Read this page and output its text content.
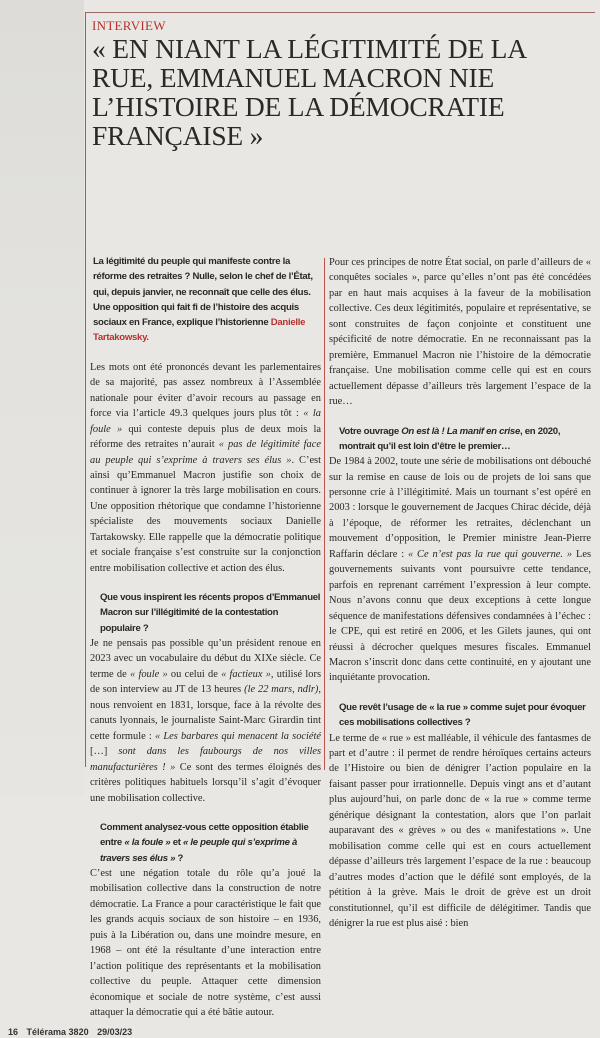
INTERVIEW
« EN NIANT LA LÉGITIMITÉ DE LA RUE, EMMANUEL MACRON NIE L’HISTOIRE DE LA DÉMOCRATIE FRANÇAISE »

La légitimité du peuple qui manifeste contre la réforme des retraites ? Nulle, selon le chef de l’État, qui, depuis janvier, ne reconnaît que celle des élus. Une opposition qui fait fi de l’histoire des acquis sociaux en France, explique l’historienne Danielle Tartakowsky.

Les mots ont été prononcés devant les parlementaires de sa majorité, pas assez nombreux à l’Assemblée nationale pour éviter d’avoir recours au passage en force via l’article 49.3 quelques jours plus tôt : « la foule » qui conteste depuis plus de deux mois la réforme des retraites n’aurait « pas de légitimité face au peuple qui s’exprime à travers ses élus ». C’est ainsi qu’Emmanuel Macron justifie son choix de continuer à ignorer la très large mobilisation en cours. Une opposition rhétorique que condamne l’historienne spécialiste des mouvements sociaux Danielle Tartakowsky. Elle rappelle que la démocratie politique et sociale française s’est construite sur la conjonction entre mobilisation collective et action des élus.

Que vous inspirent les récents propos d’Emmanuel Macron sur l’illégitimité de la contestation populaire ?

Je ne pensais pas possible qu’un président renoue en 2023 avec un vocabulaire du début du XIXe siècle. Ce terme de « foule » ou celui de « factieux », utilisé lors de son interview au JT de 13 heures (le 22 mars, ndlr), nous renvoient en 1831, lorsque, face à la révolte des canuts lyonnais, le journaliste Saint-Marc Girardin tint cette formule : « Les barbares qui menacent la société […] sont dans les faubourgs de nos villes manufacturières ! » Ce sont des termes éloignés des critères politiques habituels lorsqu’il s’agit d’évoquer une mobilisation collective.

Comment analysez-vous cette opposition établie entre « la foule » et « le peuple qui s’exprime à travers ses élus » ?

C’est une négation totale du rôle qu’a joué la mobilisation collective dans la construction de notre démocratie. La France a pour caractéristique le fait que les grands acquis sociaux de son histoire – en 1936, puis à la Libération ou, dans une moindre mesure, en 1968 – ont été la résultante d’une interaction entre l’action politique des représentants et la mobilisation collective du peuple. Attaquer cette dimension économique et sociale de notre système, c’est aussi attaquer la démocratie qui a été bâtie autour.

16 Télérama 3820 29/03/23

Pour ces principes de notre État social, on parle d’ailleurs de « conquêtes sociales », parce qu’elles n’ont pas été concédées par en haut mais acquises à la faveur de la mobilisation collective. Ces deux légitimités, populaire et représentative, se sont construites de façon conjointe et constituent une spécificité de notre démocratie. En ne reconnaissant pas la première, Emmanuel Macron nie l’histoire de la démocratie française. Une mobilisation comme celle qui est en cours actuellement dépasse d’ailleurs très largement l’espace de la rue…

Votre ouvrage On est là ! La manif en crise, en 2020, montrait qu’il est loin d’être le premier…

De 1984 à 2002, toute une série de mobilisations ont débouché sur la remise en cause de lois ou de projets de loi sans que personne crie à l’illégitimité. Mais un tournant s’est opéré en 2003 : lorsque le gouvernement de Jacques Chirac décide, déjà à l’époque, de réformer les retraites, déclenchant un mouvement d’opposition, le Premier ministre Jean-Pierre Raffarin déclare : « Ce n’est pas la rue qui gouverne. » Les gouvernements suivants vont poursuivre cette tendance, parfois en reprenant carrément l’expression à leur compte. Nous n’avons connu que deux exceptions à cette longue séquence de manifestations défensives condamnées à l’échec : le CPE, qui est retiré en 2006, et les Gilets jaunes, qui ont réussi à décrocher quelques mesures fiscales. Emmanuel Macron s’inscrit donc dans cette continuité, en y ajoutant une inquiétante provocation.

Que revêt l’usage de « la rue » comme sujet pour évoquer ces mobilisations collectives ?

Le terme de « rue » est malléable, il véhicule des fantasmes de part et d’autre : il permet de rendre héroïques certains acteurs de l’Histoire ou bien de dénigrer l’action populaire en la faisant passer pour irrationnelle. Depuis vingt ans et d’autant plus aujourd’hui, on parle donc de « la rue » comme terme générique désignant la contestation, alors que l’on parlait auparavant des « grèves » ou des « manifestations ». Une mobilisation comme celle qui est en cours actuellement dépasse d’ailleurs très largement l’espace de la rue : beaucoup d’autres modes d’action que le défilé sont employés, de la pétition à la grève. Mais le droit de grève est un droit constitutionnel, qu’il est difficile de délégitimer. Tandis que dénigrer la rue est plus aisé : bien
